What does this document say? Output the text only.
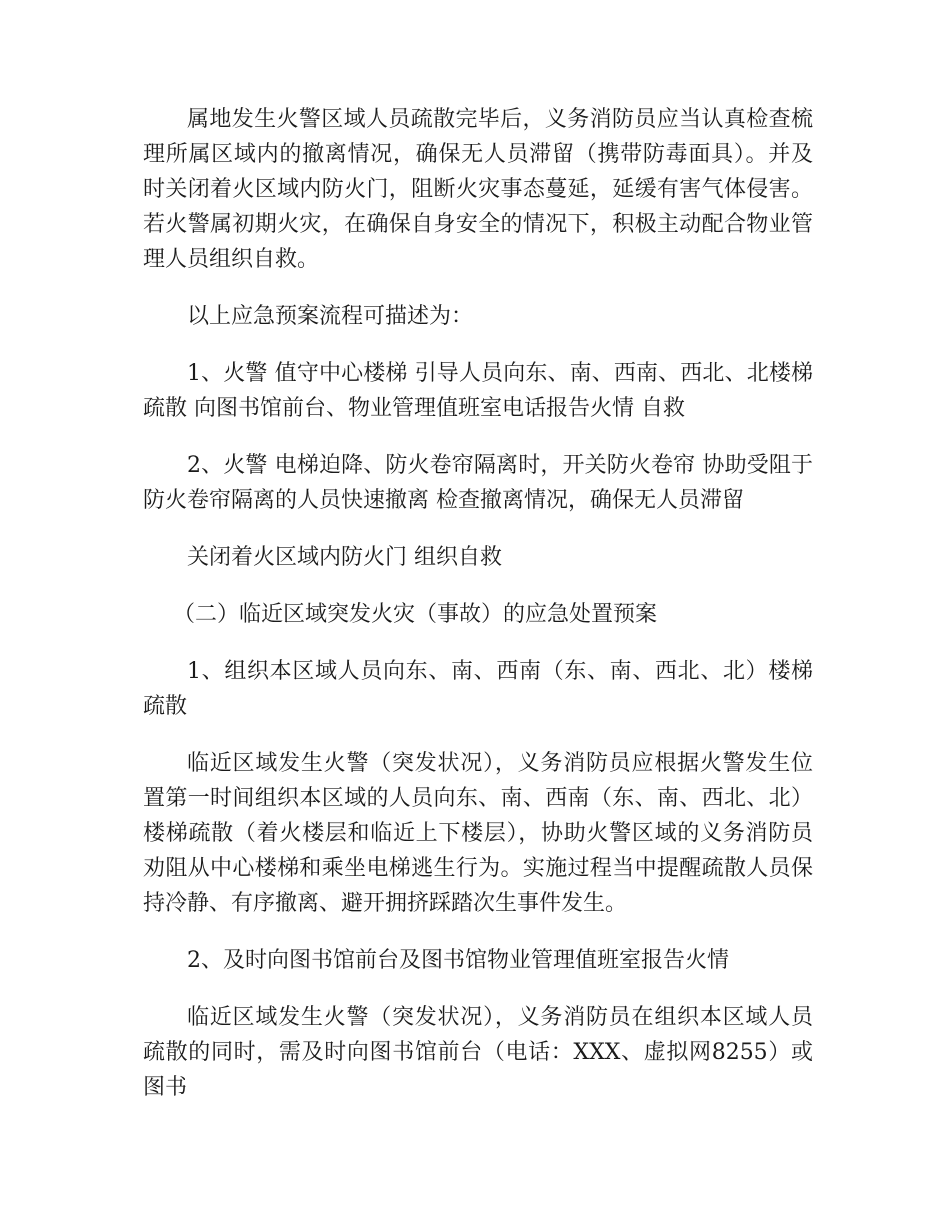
属地发生火警区域人员疏散完毕后，义务消防员应当认真检查梳理所属区域内的撤离情况，确保无人员滞留（携带防毒面具）。并及时关闭着火区域内防火门，阻断火灾事态蔓延，延缓有害气体侵害。若火警属初期火灾，在确保自身安全的情况下，积极主动配合物业管理人员组织自救。

以上应急预案流程可描述为：

1、火警 值守中心楼梯 引导人员向东、南、西南、西北、北楼梯疏散 向图书馆前台、物业管理值班室电话报告火情 自救

2、火警 电梯迫降、防火卷帘隔离时，开关防火卷帘 协助受阻于防火卷帘隔离的人员快速撤离 检查撤离情况，确保无人员滞留

关闭着火区域内防火门 组织自救

（二）临近区域突发火灾（事故）的应急处置预案

1、组织本区域人员向东、南、西南（东、南、西北、北）楼梯疏散

临近区域发生火警（突发状况），义务消防员应根据火警发生位置第一时间组织本区域的人员向东、南、西南（东、南、西北、北）楼梯疏散（着火楼层和临近上下楼层），协助火警区域的义务消防员劝阻从中心楼梯和乘坐电梯逃生行为。实施过程当中提醒疏散人员保持冷静、有序撤离、避开拥挤踩踏次生事件发生。

2、及时向图书馆前台及图书馆物业管理值班室报告火情

临近区域发生火警（突发状况），义务消防员在组织本区域人员疏散的同时，需及时向图书馆前台（电话：XXX、虚拟网8255）或图书
